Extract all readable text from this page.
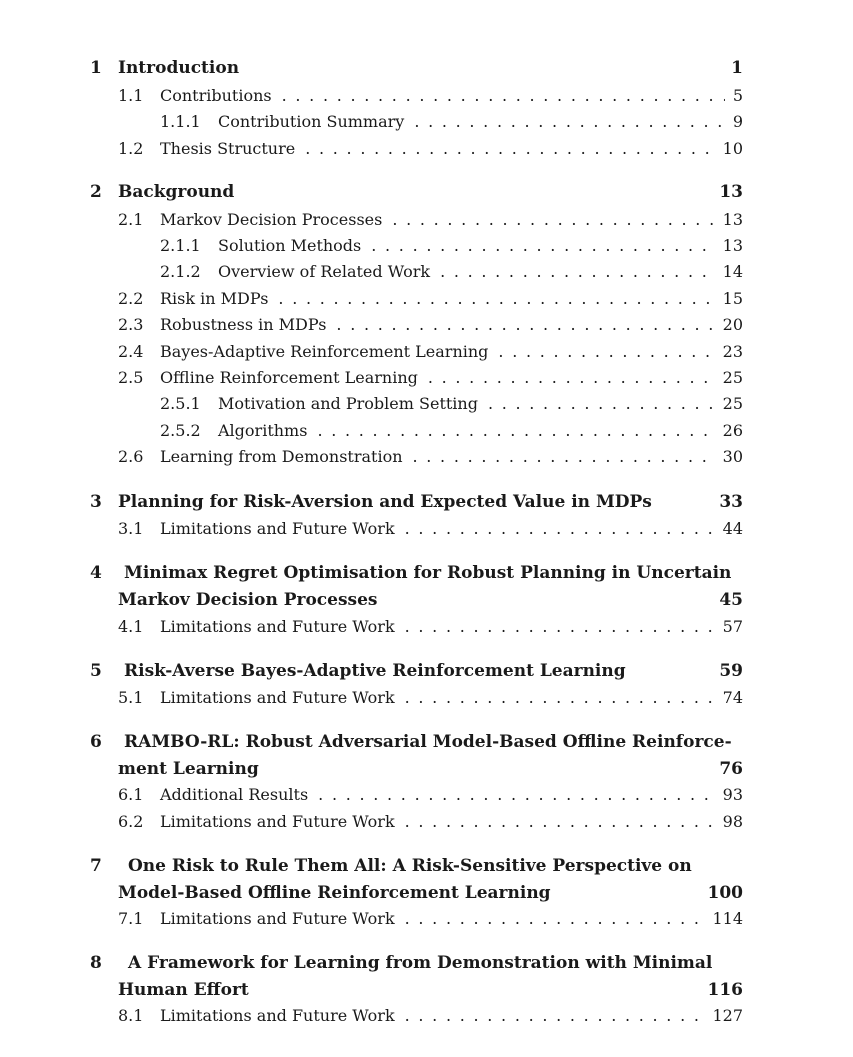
1 Introduction	1
1.1	Contributions . . .	5
1.1.1	Contribution Summary . . .	9
1.2	Thesis Structure . . .	10
2 Background	13
2.1	Markov Decision Processes . . .	13
2.1.1	Solution Methods . . .	13
2.1.2	Overview of Related Work . . .	14
2.2	Risk in MDPs . . .	15
2.3	Robustness in MDPs . . .	20
2.4	Bayes-Adaptive Reinforcement Learning . . .	23
2.5	Offline Reinforcement Learning . . .	25
2.5.1	Motivation and Problem Setting . . .	25
2.5.2	Algorithms . . .	26
2.6	Learning from Demonstration . . .	30
3 Planning for Risk-Aversion and Expected Value in MDPs	33
3.1	Limitations and Future Work . . .	44
4	Minimax Regret Optimisation for Robust Planning in Uncertain
Markov Decision Processes	45
4.1	Limitations and Future Work . . .	57
5	Risk-Averse Bayes-Adaptive Reinforcement Learning	59
5.1	Limitations and Future Work . . .	74
6	RAMBO-RL: Robust Adversarial Model-Based Offline Reinforce-
ment Learning	76
6.1	Additional Results . . .	93
6.2	Limitations and Future Work . . .	98
7	One Risk to Rule Them All: A Risk-Sensitive Perspective on
Model-Based Offline Reinforcement Learning	100
7.1	Limitations and Future Work . . .	114
8	A Framework for Learning from Demonstration with Minimal
Human Effort	116
8.1	Limitations and Future Work . . .	127
